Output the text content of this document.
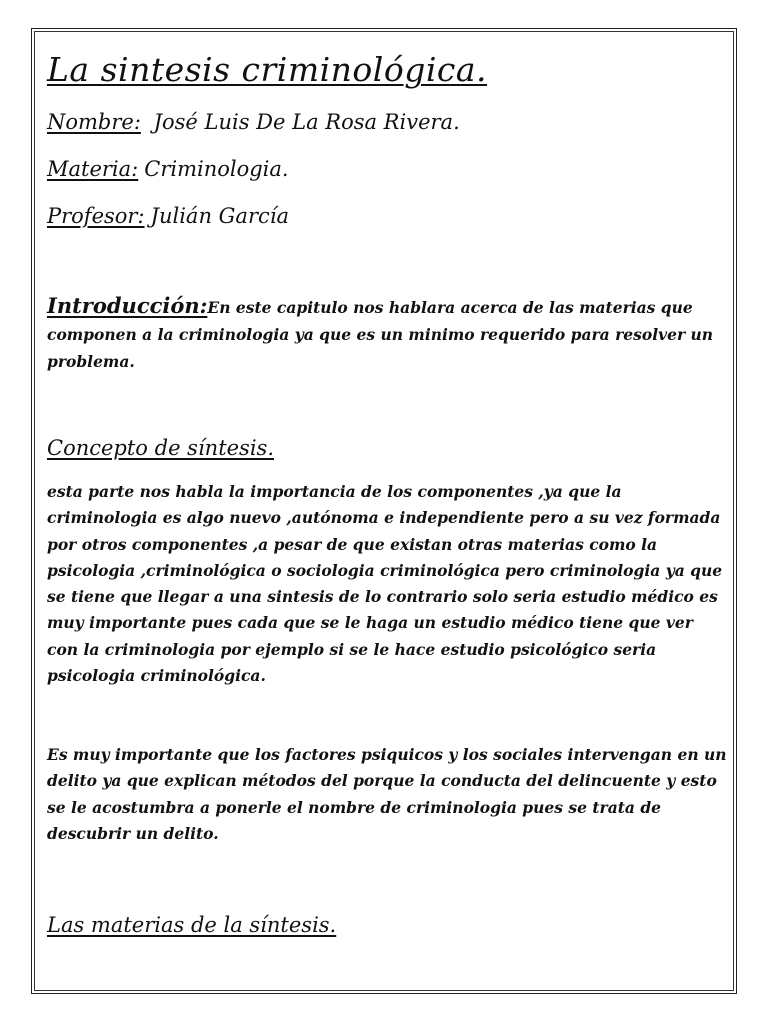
La sintesis criminológica.
Nombre: José Luis De La Rosa Rivera.
Materia: Criminologia.
Profesor: Julián García
Introducción:En este capitulo nos hablara acerca de las materias que componen a la criminologia ya que es un minimo requerido para resolver un problema.
Concepto de síntesis.

esta parte nos habla la importancia de los componentes ,ya que la criminologia es algo nuevo ,autónoma e independiente pero a su vez formada por otros componentes ,a pesar de que existan otras materias como la psicologia ,criminológica o sociologia criminológica pero criminologia ya que se tiene que llegar a una sintesis de lo contrario solo seria estudio médico es muy importante pues cada que se le haga un estudio médico tiene que ver con la criminologia por ejemplo si se le hace estudio psicológico seria psicologia criminológica.

Es muy importante que los factores psiquicos y los sociales intervengan en un delito ya que explican métodos del porque la conducta del delincuente y esto se le acostumbra a ponerle el nombre de criminologia pues se trata de descubrir un delito.

Las materias de la síntesis.
